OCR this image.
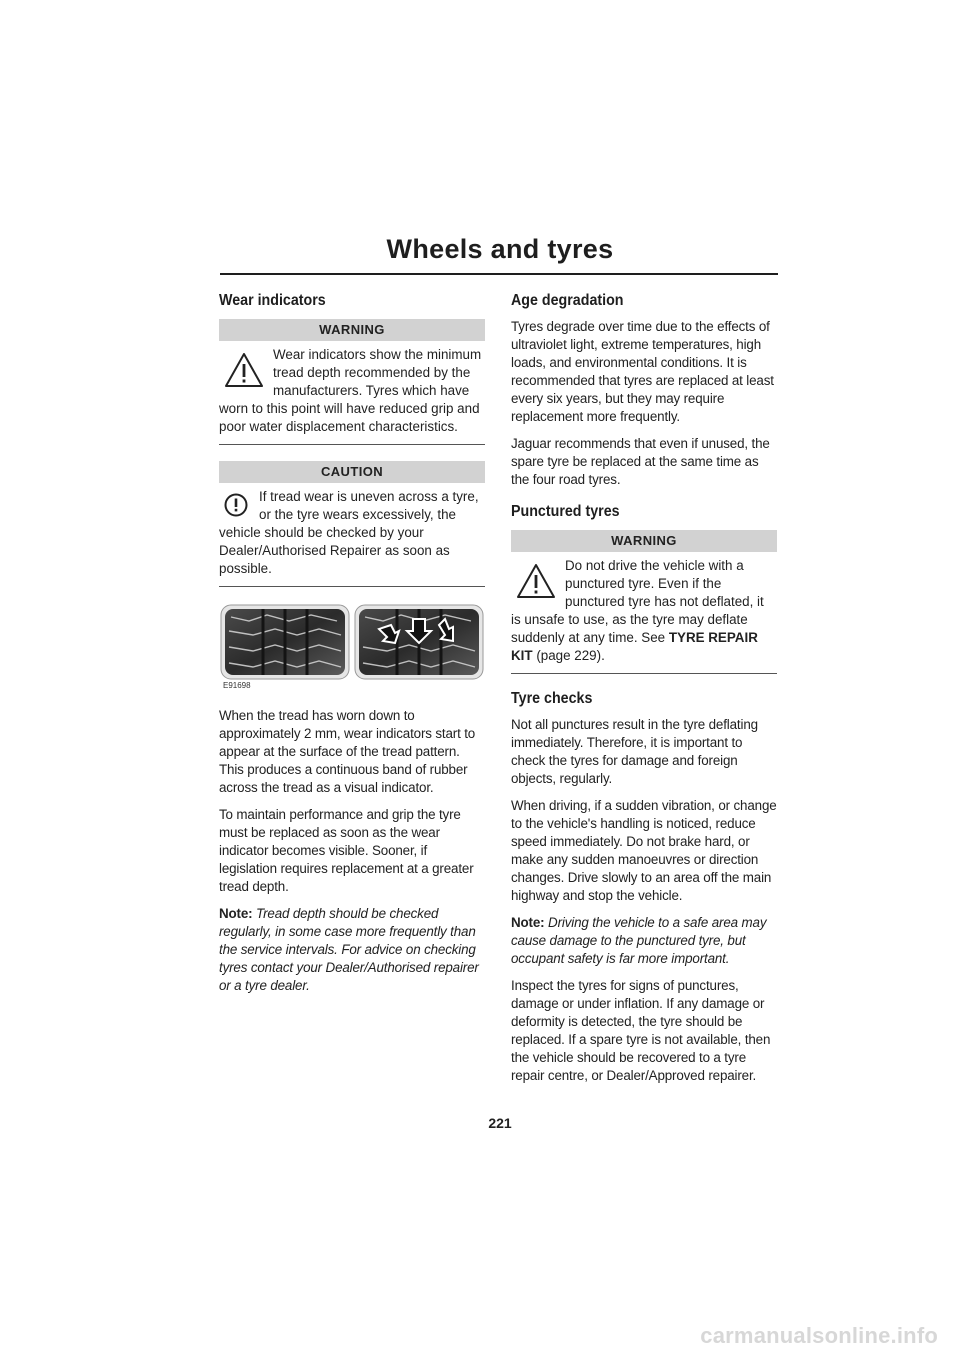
Wheels and tyres
Wear indicators
WARNING
Wear indicators show the minimum tread depth recommended by the manufacturers. Tyres which have worn to this point will have reduced grip and poor water displacement characteristics.
CAUTION
If tread wear is uneven across a tyre, or the tyre wears excessively, the vehicle should be checked by your Dealer/Authorised Repairer as soon as possible.
E91698

When the tread has worn down to approximately 2 mm, wear indicators start to appear at the surface of the tread pattern. This produces a continuous band of rubber across the tread as a visual indicator.

To maintain performance and grip the tyre must be replaced as soon as the wear indicator becomes visible. Sooner, if legislation requires replacement at a greater tread depth.

Note: Tread depth should be checked regularly, in some case more frequently than the service intervals. For advice on checking tyres contact your Dealer/Authorised repairer or a tyre dealer.

Age degradation

Tyres degrade over time due to the effects of ultraviolet light, extreme temperatures, high loads, and environmental conditions. It is recommended that tyres are replaced at least every six years, but they may require replacement more frequently.

Jaguar recommends that even if unused, the spare tyre be replaced at the same time as the four road tyres.

Punctured tyres
WARNING
Do not drive the vehicle with a punctured tyre. Even if the punctured tyre has not deflated, it is unsafe to use, as the tyre may deflate suddenly at any time. See TYRE REPAIR KIT (page 229).
Tyre checks

Not all punctures result in the tyre deflating immediately. Therefore, it is important to check the tyres for damage and foreign objects, regularly.

When driving, if a sudden vibration, or change to the vehicle's handling is noticed, reduce speed immediately. Do not brake hard, or make any sudden manoeuvres or direction changes. Drive slowly to an area off the main highway and stop the vehicle.

Note: Driving the vehicle to a safe area may cause damage to the punctured tyre, but occupant safety is far more important.

Inspect the tyres for signs of punctures, damage or under inflation. If any damage or deformity is detected, the tyre should be replaced. If a spare tyre is not available, then the vehicle should be recovered to a tyre repair centre, or Dealer/Approved repairer.

221
carmanualsonline.info
